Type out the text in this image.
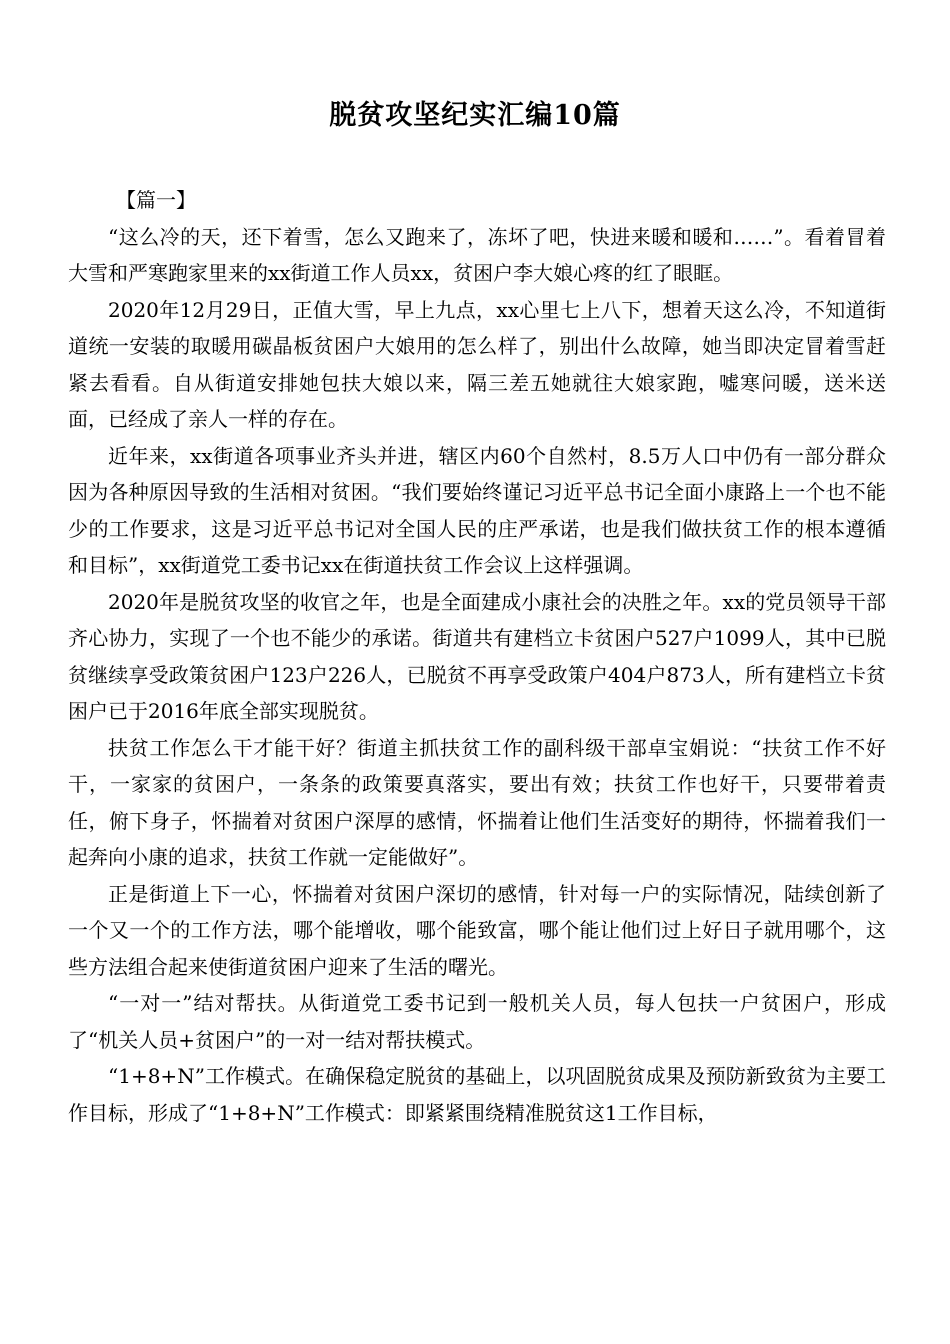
脱贫攻坚纪实汇编10篇

【篇一】

“这么冷的天，还下着雪，怎么又跑来了，冻坏了吧，快进来暖和暖和……”。看着冒着大雪和严寒跑家里来的xx街道工作人员xx，贫困户李大娘心疼的红了眼眶。

2020年12月29日，正值大雪，早上九点，xx心里七上八下，想着天这么冷，不知道街道统一安装的取暖用碳晶板贫困户大娘用的怎么样了，别出什么故障，她当即决定冒着雪赶紧去看看。自从街道安排她包扶大娘以来，隔三差五她就往大娘家跑，嘘寒问暖，送米送面，已经成了亲人一样的存在。

近年来，xx街道各项事业齐头并进，辖区内60个自然村，8.5万人口中仍有一部分群众因为各种原因导致的生活相对贫困。“我们要始终谨记习近平总书记全面小康路上一个也不能少的工作要求，这是习近平总书记对全国人民的庄严承诺，也是我们做扶贫工作的根本遵循和目标”，xx街道党工委书记xx在街道扶贫工作会议上这样强调。

2020年是脱贫攻坚的收官之年，也是全面建成小康社会的决胜之年。xx的党员领导干部齐心协力，实现了一个也不能少的承诺。街道共有建档立卡贫困户527户1099人，其中已脱贫继续享受政策贫困户123户226人，已脱贫不再享受政策户404户873人，所有建档立卡贫困户已于2016年底全部实现脱贫。

扶贫工作怎么干才能干好？街道主抓扶贫工作的副科级干部卓宝娟说：“扶贫工作不好干，一家家的贫困户，一条条的政策要真落实，要出有效；扶贫工作也好干，只要带着责任，俯下身子，怀揣着对贫困户深厚的感情，怀揣着让他们生活变好的期待，怀揣着我们一起奔向小康的追求，扶贫工作就一定能做好”。

正是街道上下一心，怀揣着对贫困户深切的感情，针对每一户的实际情况，陆续创新了一个又一个的工作方法，哪个能增收，哪个能致富，哪个能让他们过上好日子就用哪个，这些方法组合起来使街道贫困户迎来了生活的曙光。

“一对一”结对帮扶。从街道党工委书记到一般机关人员，每人包扶一户贫困户，形成了“机关人员+贫困户”的一对一结对帮扶模式。

“1+8+N”工作模式。在确保稳定脱贫的基础上，以巩固脱贫成果及预防新致贫为主要工作目标，形成了“1+8+N”工作模式：即紧紧围绕精准脱贫这1工作目标，
